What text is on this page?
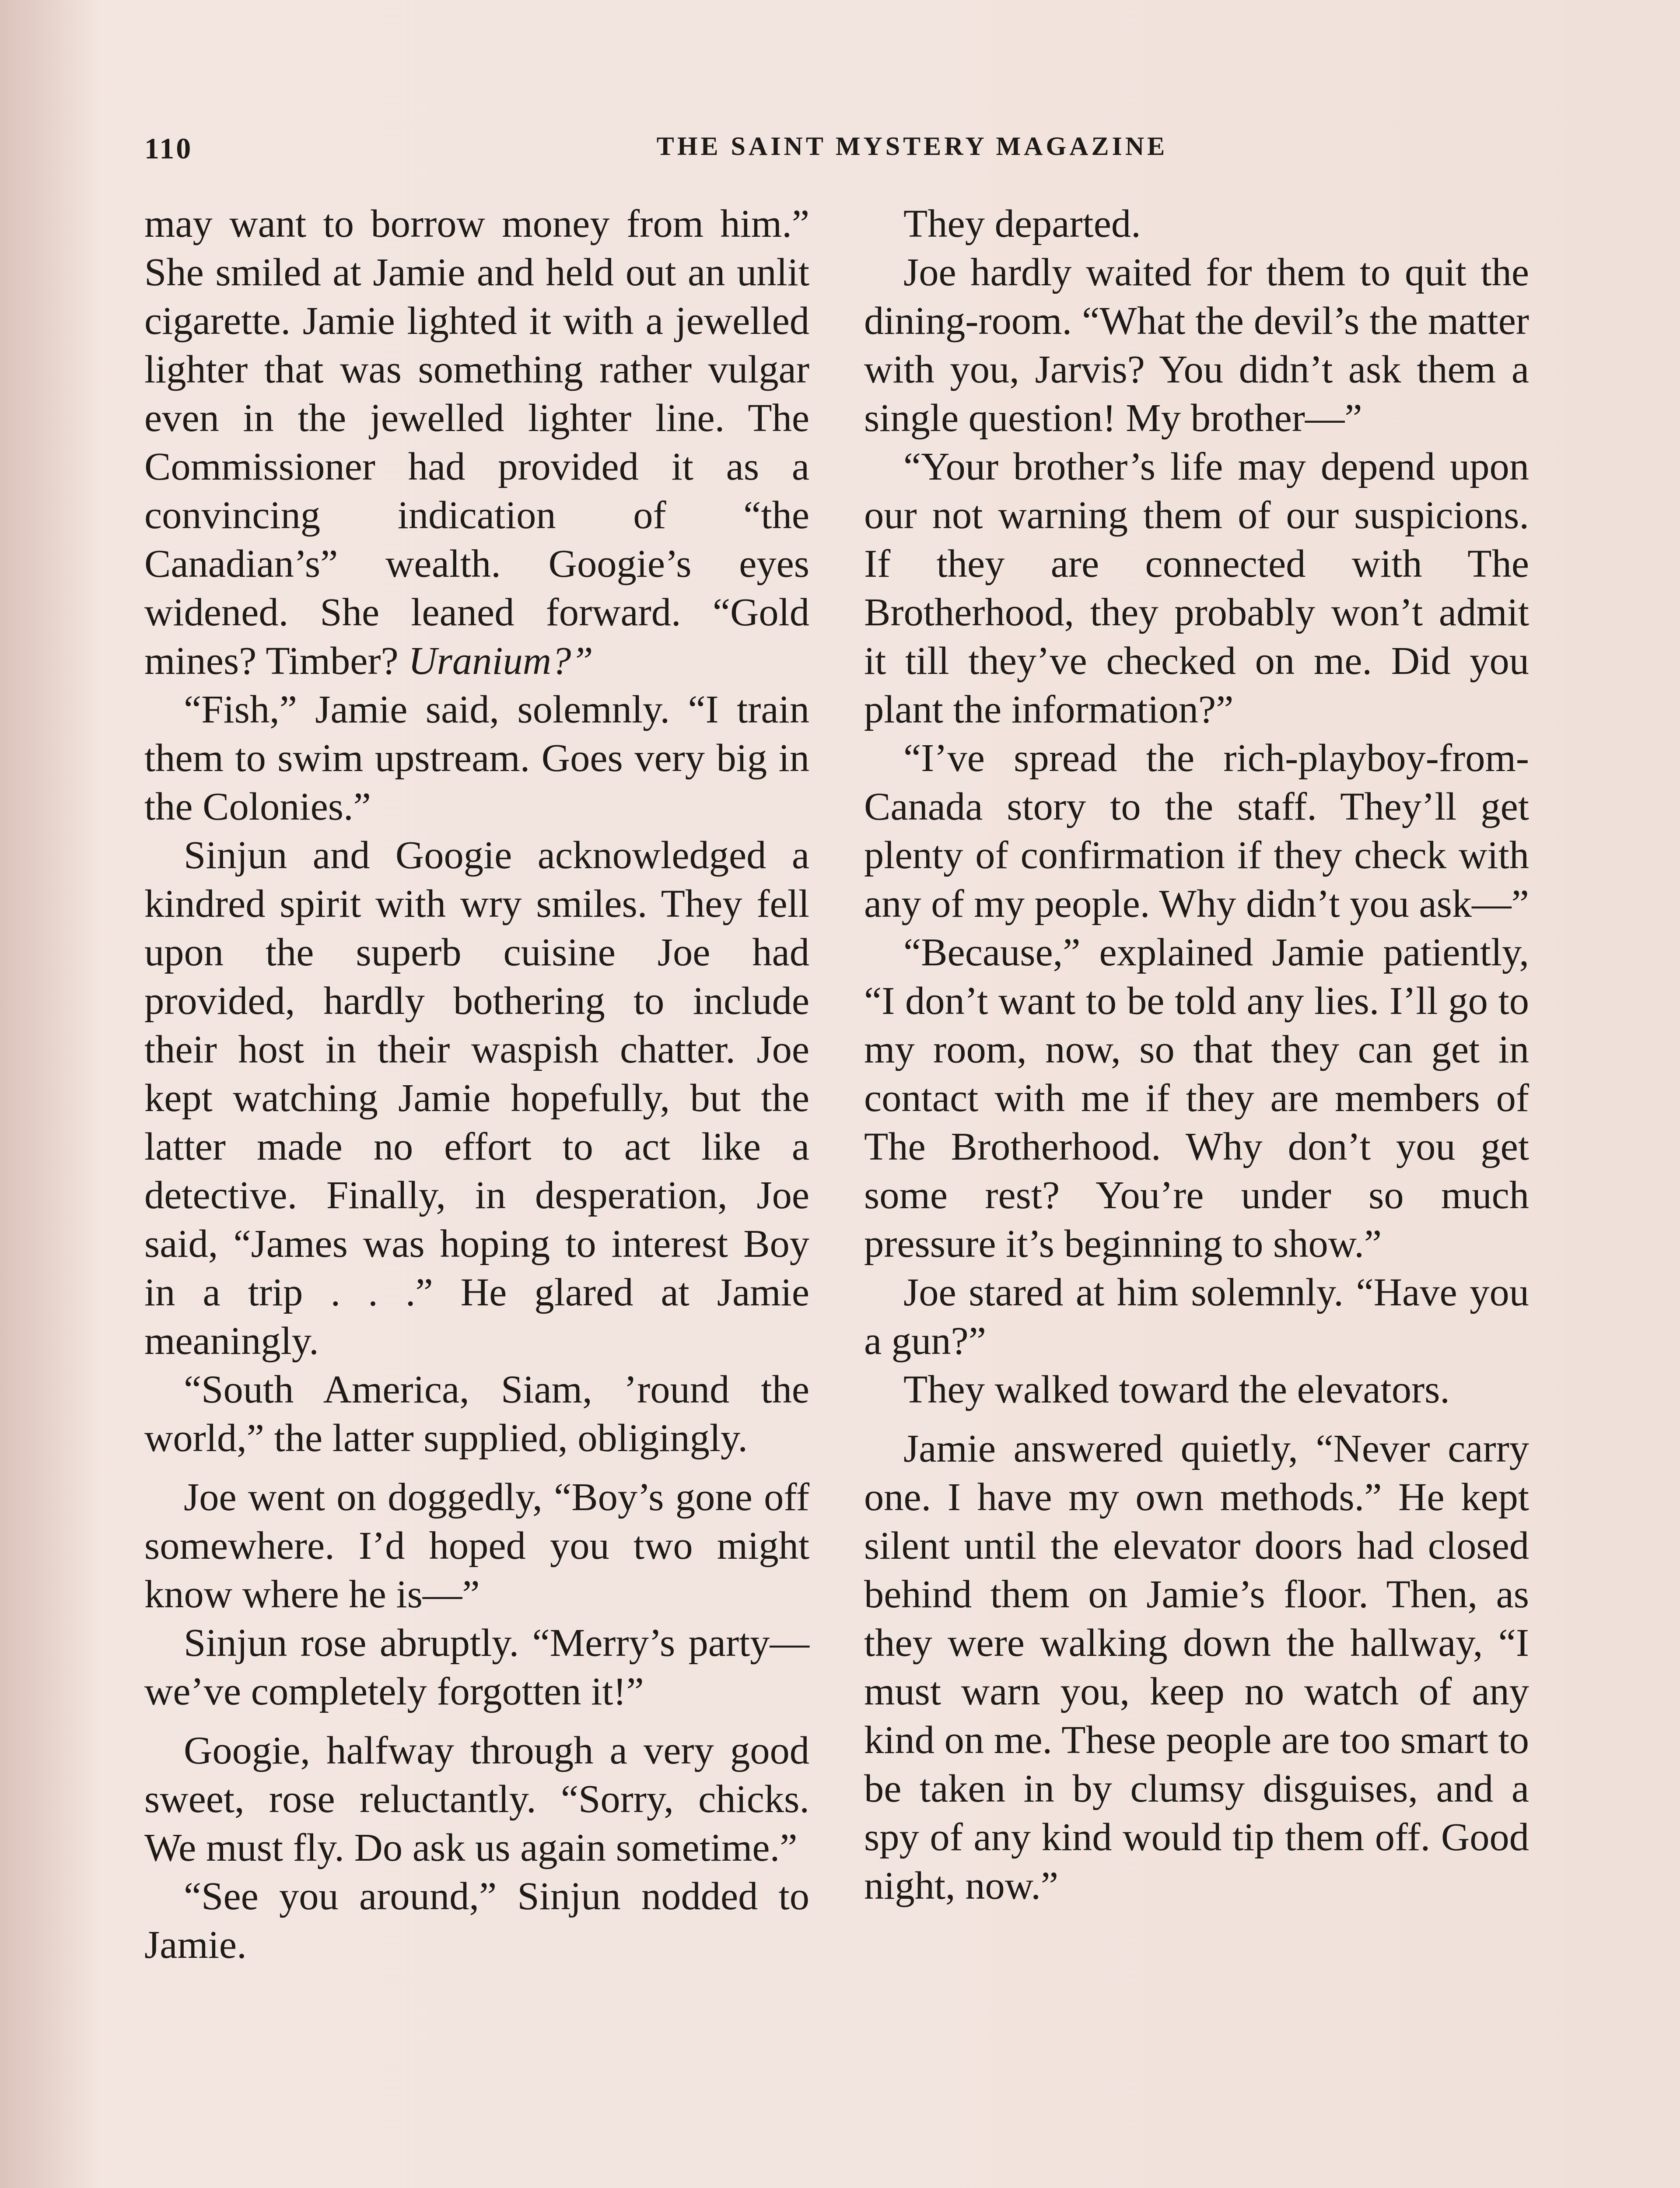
110	THE SAINT MYSTERY MAGAZINE

may want to borrow money from him.” She smiled at Jamie and held out an unlit cigarette. Jamie lighted it with a jewelled lighter that was something rather vulgar even in the jewelled lighter line. The Commissioner had provided it as a convincing indication of “the Canadian’s” wealth. Googie’s eyes widened. She leaned forward. “Gold mines? Timber? Uranium?”

“Fish,” Jamie said, solemnly. “I train them to swim upstream. Goes very big in the Colonies.”

Sinjun and Googie acknowledged a kindred spirit with wry smiles. They fell upon the superb cuisine Joe had provided, hardly bothering to include their host in their waspish chatter. Joe kept watching Jamie hopefully, but the latter made no effort to act like a detective. Finally, in desperation, Joe said, “James was hoping to interest Boy in a trip . . .” He glared at Jamie meaningly.

“South America, Siam, ’round the world,” the latter supplied, obligingly.

Joe went on doggedly, “Boy’s gone off somewhere. I’d hoped you two might know where he is—”

Sinjun rose abruptly. “Merry’s party—we’ve completely forgotten it!”

Googie, halfway through a very good sweet, rose reluctantly. “Sorry, chicks. We must fly. Do ask us again sometime.”

“See you around,” Sinjun nodded to Jamie.

They departed.

Joe hardly waited for them to quit the dining-room. “What the devil’s the matter with you, Jarvis? You didn’t ask them a single question! My brother—”

“Your brother’s life may depend upon our not warning them of our suspicions. If they are connected with The Brotherhood, they probably won’t admit it till they’ve checked on me. Did you plant the information?”

“I’ve spread the rich-playboy-from-Canada story to the staff. They’ll get plenty of confirmation if they check with any of my people. Why didn’t you ask—”

“Because,” explained Jamie patiently, “I don’t want to be told any lies. I’ll go to my room, now, so that they can get in contact with me if they are members of The Brotherhood. Why don’t you get some rest? You’re under so much pressure it’s beginning to show.”

Joe stared at him solemnly. “Have you a gun?”

They walked toward the elevators.

Jamie answered quietly, “Never carry one. I have my own methods.” He kept silent until the elevator doors had closed behind them on Jamie’s floor. Then, as they were walking down the hallway, “I must warn you, keep no watch of any kind on me. These people are too smart to be taken in by clumsy disguises, and a spy of any kind would tip them off. Good night, now.”
